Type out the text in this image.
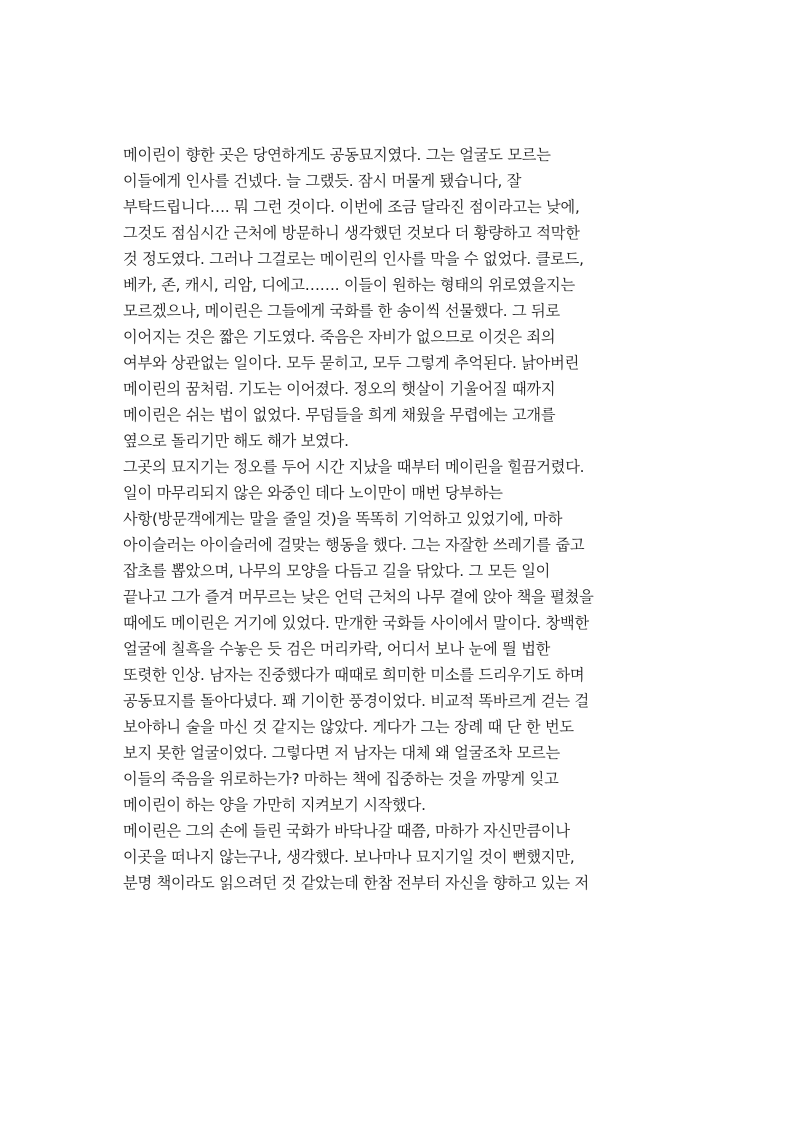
메이린이 향한 곳은 당연하게도 공동묘지였다. 그는 얼굴도 모르는
이들에게 인사를 건넸다. 늘 그랬듯. 잠시 머물게 됐습니다, 잘
부탁드립니다…. 뭐 그런 것이다. 이번에 조금 달라진 점이라고는 낮에,
그것도 점심시간 근처에 방문하니 생각했던 것보다 더 황량하고 적막한
것 정도였다. 그러나 그걸로는 메이린의 인사를 막을 수 없었다. 클로드,
베카, 존, 캐시, 리암, 디에고……. 이들이 원하는 형태의 위로였을지는
모르겠으나, 메이린은 그들에게 국화를 한 송이씩 선물했다. 그 뒤로
이어지는 것은 짧은 기도였다. 죽음은 자비가 없으므로 이것은 죄의
여부와 상관없는 일이다. 모두 묻히고, 모두 그렇게 추억된다. 낡아버린
메이린의 꿈처럼. 기도는 이어졌다. 정오의 햇살이 기울어질 때까지
메이린은 쉬는 법이 없었다. 무덤들을 희게 채웠을 무렵에는 고개를
옆으로 돌리기만 해도 해가 보였다.
그곳의 묘지기는 정오를 두어 시간 지났을 때부터 메이린을 힐끔거렸다.
일이 마무리되지 않은 와중인 데다 노이만이 매번 당부하는
사항(방문객에게는 말을 줄일 것)을 똑똑히 기억하고 있었기에, 마하
아이슬러는 아이슬러에 걸맞는 행동을 했다. 그는 자잘한 쓰레기를 줍고
잡초를 뽑았으며, 나무의 모양을 다듬고 길을 닦았다. 그 모든 일이
끝나고 그가 즐겨 머무르는 낮은 언덕 근처의 나무 곁에 앉아 책을 펼쳤을
때에도 메이린은 거기에 있었다. 만개한 국화들 사이에서 말이다. 창백한
얼굴에 칠흑을 수놓은 듯 검은 머리카락, 어디서 보나 눈에 띌 법한
또렷한 인상. 남자는 진중했다가 때때로 희미한 미소를 드리우기도 하며
공동묘지를 돌아다녔다. 꽤 기이한 풍경이었다. 비교적 똑바르게 걷는 걸
보아하니 술을 마신 것 같지는 않았다. 게다가 그는 장례 때 단 한 번도
보지 못한 얼굴이었다. 그렇다면 저 남자는 대체 왜 얼굴조차 모르는
이들의 죽음을 위로하는가? 마하는 책에 집중하는 것을 까맣게 잊고
메이린이 하는 양을 가만히 지켜보기 시작했다.
메이린은 그의 손에 들린 국화가 바닥나갈 때쯤, 마하가 자신만큼이나
이곳을 떠나지 않는구나, 생각했다. 보나마나 묘지기일 것이 뻔했지만,
분명 책이라도 읽으려던 것 같았는데 한참 전부터 자신을 향하고 있는 저
